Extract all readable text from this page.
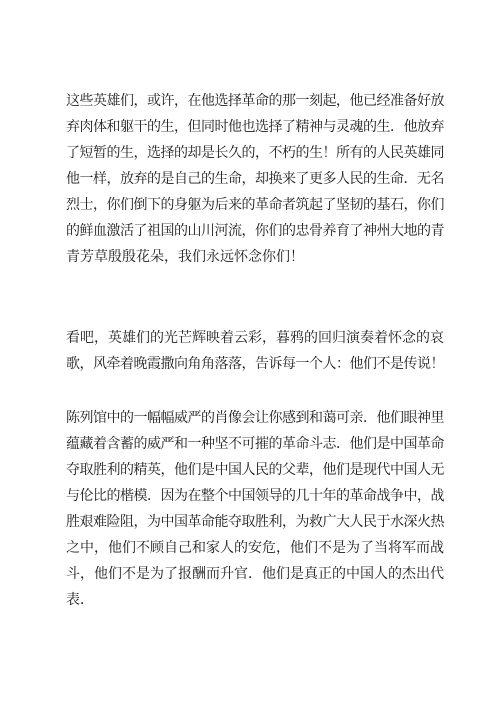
这些英雄们，或许，在他选择革命的那一刻起，他已经准备好放
弃肉体和躯干的生，但同时他也选择了精神与灵魂的生．他放弃
了短暂的生，选择的却是长久的，不朽的生！所有的人民英雄同
他一样，放弃的是自己的生命，却换来了更多人民的生命．无名
烈士，你们倒下的身躯为后来的革命者筑起了坚韧的基石，你们
的鲜血激活了祖国的山川河流，你们的忠骨养育了神州大地的青
青芳草殷殷花朵，我们永远怀念你们！
看吧，英雄们的光芒辉映着云彩，暮鸦的回归演奏着怀念的哀
歌，风牵着晚霞撒向角角落落，告诉每一个人：他们不是传说！
陈列馆中的一幅幅威严的肖像会让你感到和蔼可亲．他们眼神里
蕴藏着含蓄的威严和一种坚不可摧的革命斗志．他们是中国革命
夺取胜利的精英，他们是中国人民的父辈，他们是现代中国人无
与伦比的楷模．因为在整个中国领导的几十年的革命战争中，战
胜艰难险阻，为中国革命能夺取胜利，为救广大人民于水深火热
之中，他们不顾自己和家人的安危，他们不是为了当将军而战
斗，他们不是为了报酬而升官．他们是真正的中国人的杰出代
表．
